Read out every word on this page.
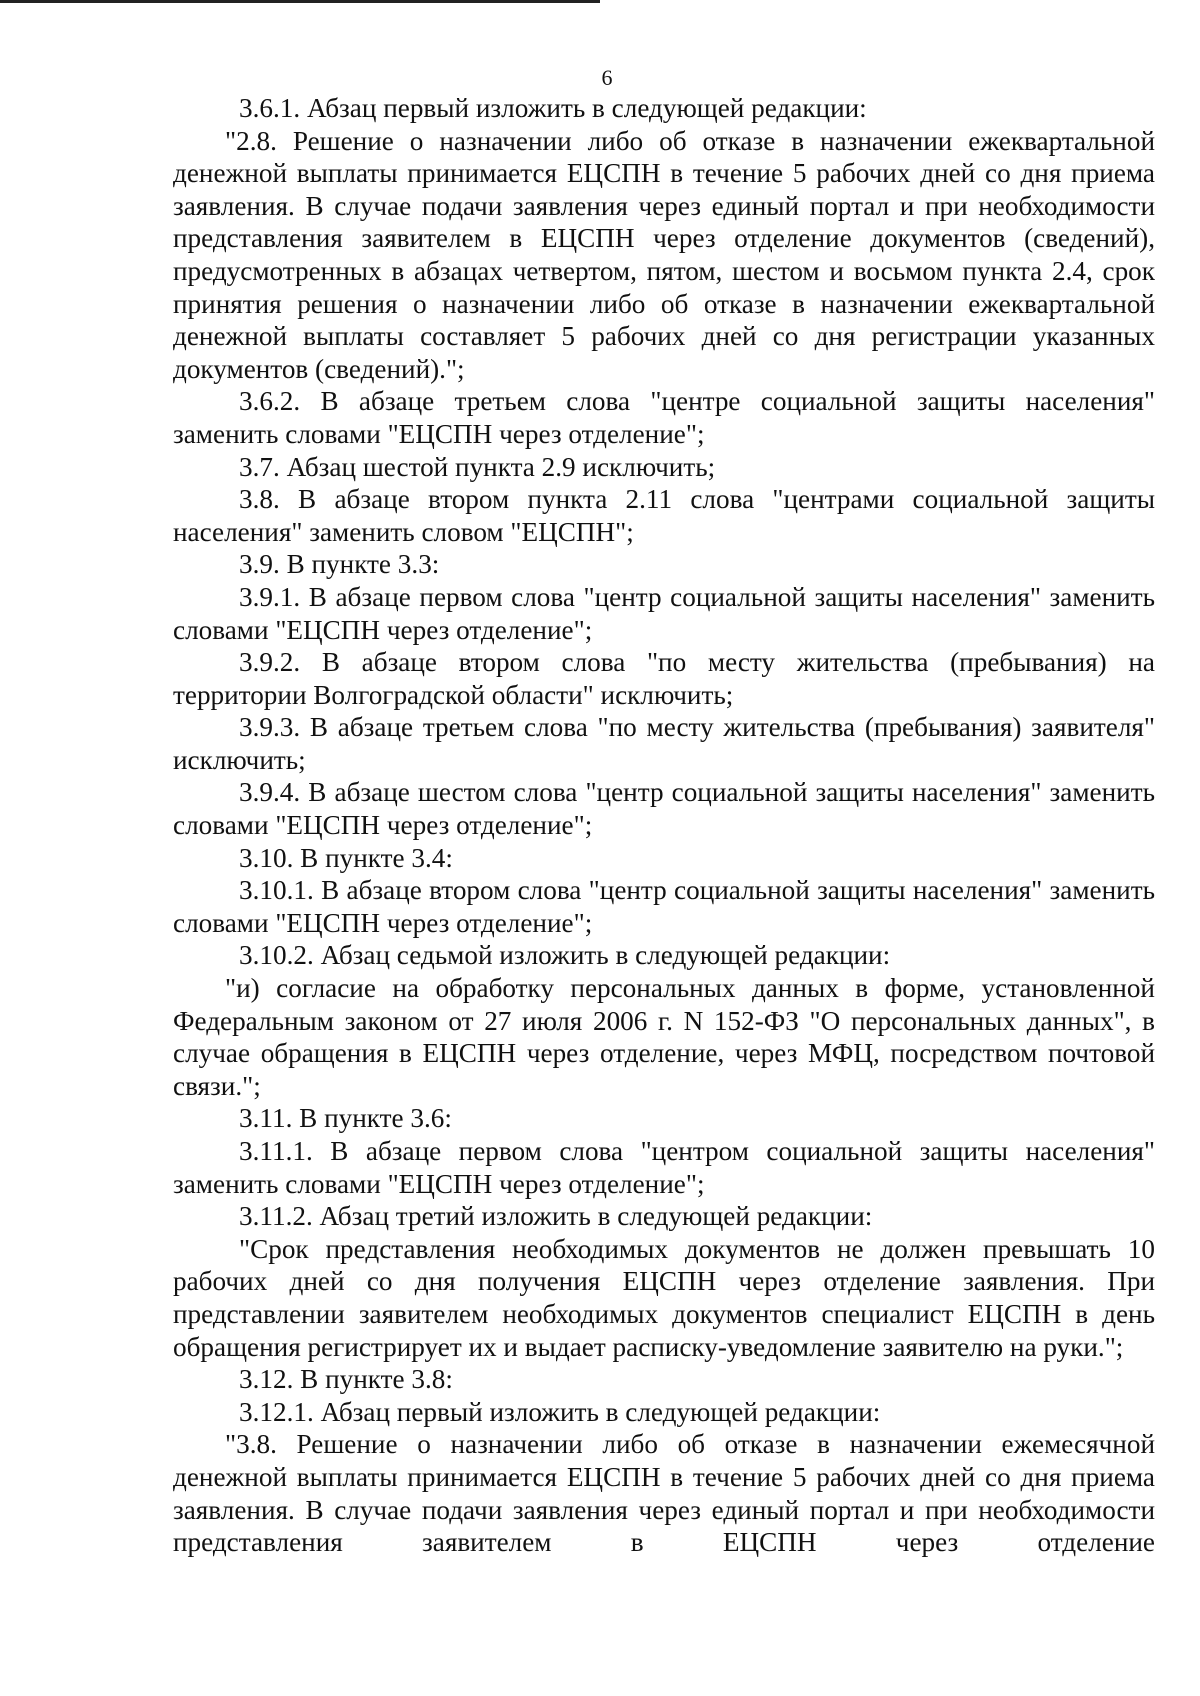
6

3.6.1. Абзац первый изложить в следующей редакции:

"2.8. Решение о назначении либо об отказе в назначении ежеквартальной денежной выплаты принимается ЕЦСПН в течение 5 рабочих дней со дня приема заявления. В случае подачи заявления через единый портал и при необходимости представления заявителем в ЕЦСПН через отделение документов (сведений), предусмотренных в абзацах четвертом, пятом, шестом и восьмом пункта 2.4, срок принятия решения о назначении либо об отказе в назначении ежеквартальной денежной выплаты составляет 5 рабочих дней со дня регистрации указанных документов (сведений).";

3.6.2. В абзаце третьем слова "центре социальной защиты населения" заменить словами "ЕЦСПН через отделение";

3.7. Абзац шестой пункта 2.9 исключить;

3.8. В абзаце втором пункта 2.11 слова "центрами социальной защиты населения" заменить словом "ЕЦСПН";

3.9. В пункте 3.3:

3.9.1. В абзаце первом слова "центр социальной защиты населения" заменить словами "ЕЦСПН через отделение";

3.9.2. В абзаце втором слова "по месту жительства (пребывания) на территории Волгоградской области" исключить;

3.9.3. В абзаце третьем слова "по месту жительства (пребывания) заявителя" исключить;

3.9.4. В абзаце шестом слова "центр социальной защиты населения" заменить словами "ЕЦСПН через отделение";

3.10. В пункте 3.4:

3.10.1. В абзаце втором слова "центр социальной защиты населения" заменить словами "ЕЦСПН через отделение";

3.10.2. Абзац седьмой изложить в следующей редакции:

"и) согласие на обработку персональных данных в форме, установленной Федеральным законом от 27 июля 2006 г. N 152-ФЗ "О персональных данных", в случае обращения в ЕЦСПН через отделение, через МФЦ, посредством почтовой связи.";

3.11. В пункте 3.6:

3.11.1. В абзаце первом слова "центром социальной защиты населения" заменить словами "ЕЦСПН через отделение";

3.11.2. Абзац третий изложить в следующей редакции:

"Срок представления необходимых документов не должен превышать 10 рабочих дней со дня получения ЕЦСПН через отделение заявления. При представлении заявителем необходимых документов специалист ЕЦСПН в день обращения регистрирует их и выдает расписку-уведомление заявителю на руки.";

3.12. В пункте 3.8:

3.12.1. Абзац первый изложить в следующей редакции:

"3.8. Решение о назначении либо об отказе в назначении ежемесячной денежной выплаты принимается ЕЦСПН в течение 5 рабочих дней со дня приема заявления. В случае подачи заявления через единый портал и при необходимости представления заявителем в ЕЦСПН через отделение
